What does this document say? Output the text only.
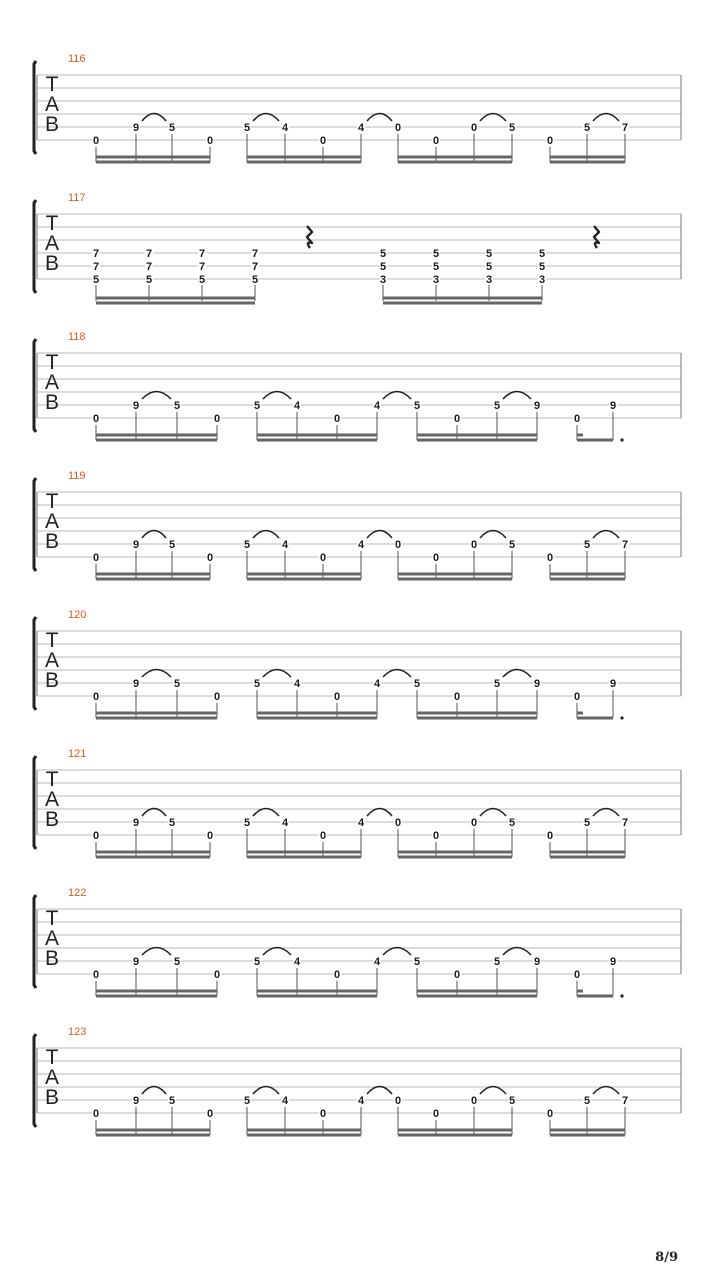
116
T
A
B
0
9	5
0
5	4
0
4	0
0
0	5
0
5	7
117
T
A
B	7
7
5
7
7
5
7
7
5
7
7
5
5
5
3
5
5
3
5
5
3
5
5
3
118
T
A
B
0
9	5
0
5	4
0
4	5
0
5	9
0
9
119
T
A
B
0
9	5
0
5	4
0
4	0
0
0	5
0
5	7
120
T
A
B
0
9	5
0
5	4
0
4	5
0
5	9
0
9
121
T
A
B
0
9	5
0
5	4
0
4	0
0
0	5
0
5	7
122
T
A
B
0
9	5
0
5	4
0
4	5
0
5	9
0
9
123
T
A
B
0
9	5
0
5	4
0
4	0
0
0	5
0
5	7
8/9
